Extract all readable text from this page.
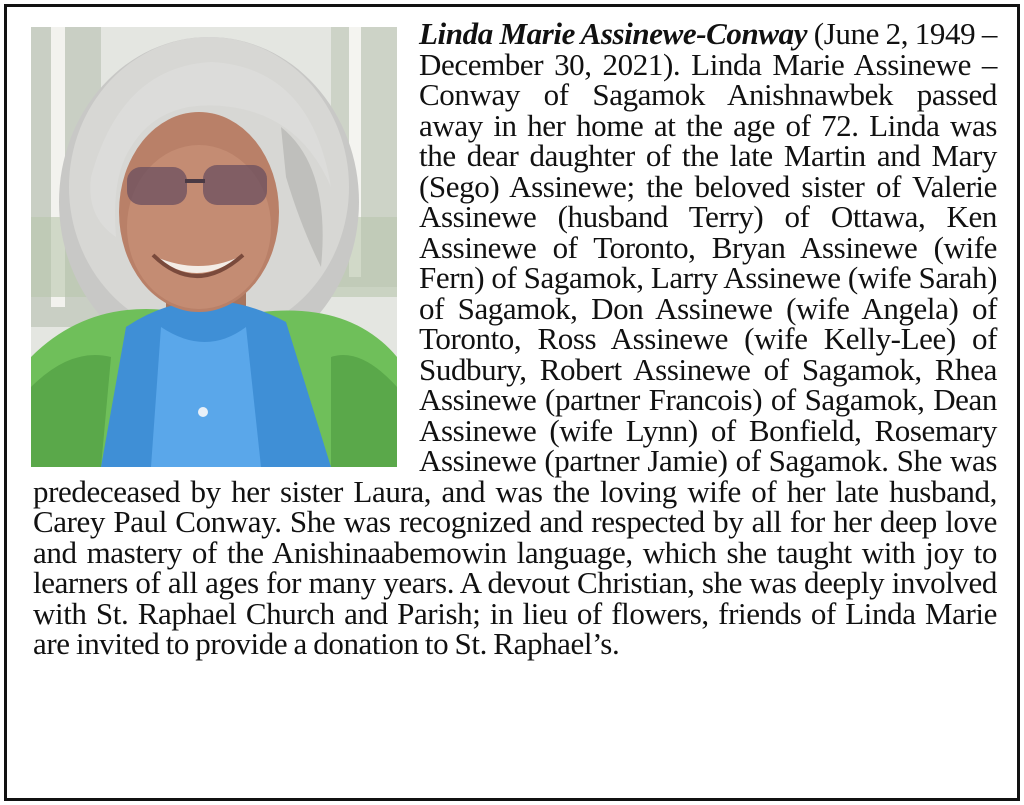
Linda Marie Assinewe-Conway (June 2, 1949 – December 30, 2021). Linda Marie Assinewe – Conway of Sagamok Anishnawbek passed away in her home at the age of 72. Linda was the dear daughter of the late Martin and Mary (Sego) Assinewe; the beloved sister of Valerie Assinewe (husband Terry) of Ottawa, Ken Assinewe of Toronto, Bryan Assinewe (wife Fern) of Sagamok, Larry Assinewe (wife Sarah) of Sagamok, Don Assinewe (wife Angela) of Toronto, Ross Assinewe (wife Kelly-Lee) of Sudbury, Robert Assinewe of Sagamok, Rhea Assinewe (partner Francois) of Sagamok, Dean Assinewe (wife Lynn) of Bonfield, Rosemary Assinewe (partner Jamie) of Sagamok. She was predeceased by her sister Laura, and was the loving wife of her late husband, Carey Paul Conway. She was recognized and respected by all for her deep love and mastery of the Anishinaabemowin language, which she taught with joy to learners of all ages for many years. A devout Christian, she was deeply involved with St. Raphael Church and Parish; in lieu of flowers, friends of Linda Marie are invited to provide a donation to St. Raphael’s.
